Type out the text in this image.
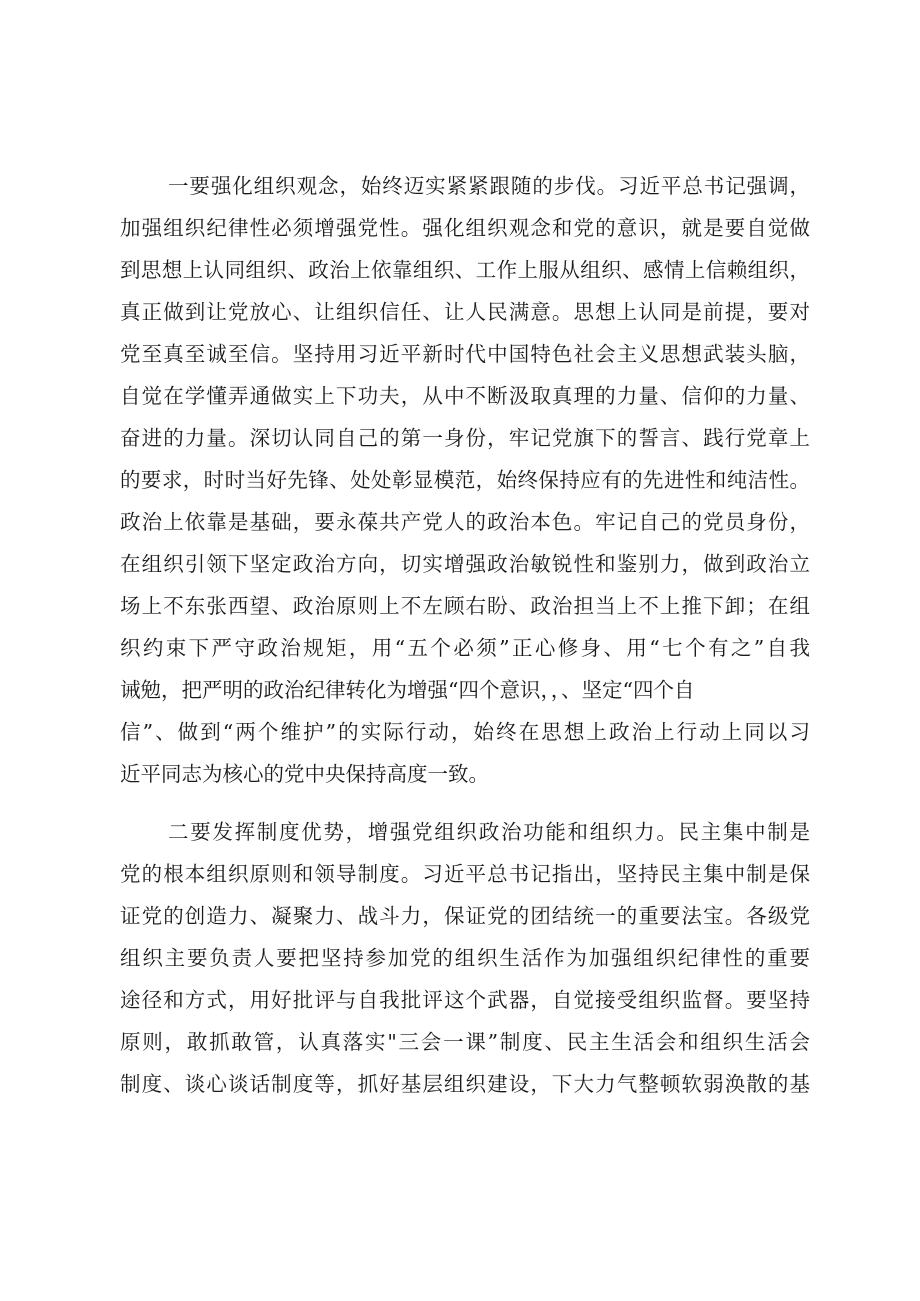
一要强化组织观念，始终迈实紧紧跟随的步伐。习近平总书记强调，
加强组织纪律性必须增强党性。强化组织观念和党的意识，就是要自觉做
到思想上认同组织、政治上依靠组织、工作上服从组织、感情上信赖组织，
真正做到让党放心、让组织信任、让人民满意。思想上认同是前提，要对
党至真至诚至信。坚持用习近平新时代中国特色社会主义思想武装头脑，
自觉在学懂弄通做实上下功夫，从中不断汲取真理的力量、信仰的力量、
奋进的力量。深切认同自己的第一身份，牢记党旗下的誓言、践行党章上
的要求，时时当好先锋、处处彰显模范，始终保持应有的先进性和纯洁性。
政治上依靠是基础，要永葆共产党人的政治本色。牢记自己的党员身份，
在组织引领下坚定政治方向，切实增强政治敏锐性和鉴别力，做到政治立
场上不东张西望、政治原则上不左顾右盼、政治担当上不上推下卸；在组
织约束下严守政治规矩，用“五个必须”正心修身、用“七个有之”自我
诫勉，把严明的政治纪律转化为增强“四个意识，，、坚定“四个自
信”、做到“两个维护”的实际行动，始终在思想上政治上行动上同以习
近平同志为核心的党中央保持高度一致。
二要发挥制度优势，增强党组织政治功能和组织力。民主集中制是
党的根本组织原则和领导制度。习近平总书记指出，坚持民主集中制是保
证党的创造力、凝聚力、战斗力，保证党的团结统一的重要法宝。各级党
组织主要负责人要把坚持参加党的组织生活作为加强组织纪律性的重要
途径和方式，用好批评与自我批评这个武器，自觉接受组织监督。要坚持
原则，敢抓敢管，认真落实"三会一课”制度、民主生活会和组织生活会
制度、谈心谈话制度等，抓好基层组织建设，下大力气整顿软弱涣散的基
